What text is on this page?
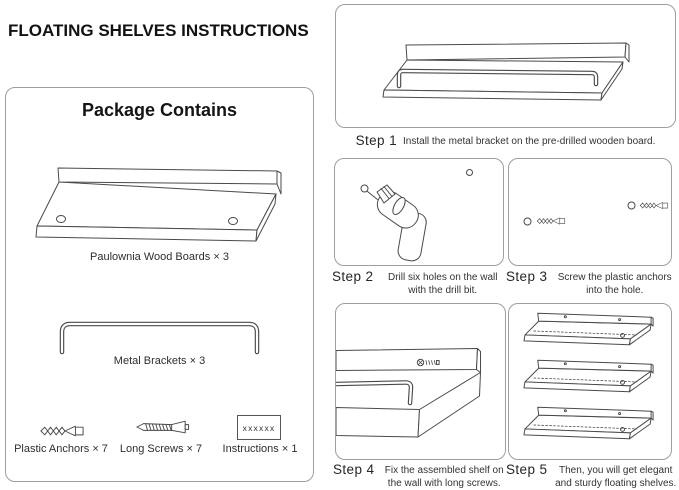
FLOATING SHELVES INSTRUCTIONS
Package Contains
Paulownia Wood Boards × 3
Metal Brackets × 3
xxxxxx
Plastic Anchors × 7	Long Screws × 7	Instructions × 1
Step 1 Install the metal bracket on the pre-drilled wooden board.
Step 2	Drill six holes on the wall with the drill bit.
Step 3	Screw the plastic anchors into the hole.
Step 4	Fix the assembled shelf on the wall with long screws.
Step 5	Then, you will get elegant and sturdy floating shelves.
